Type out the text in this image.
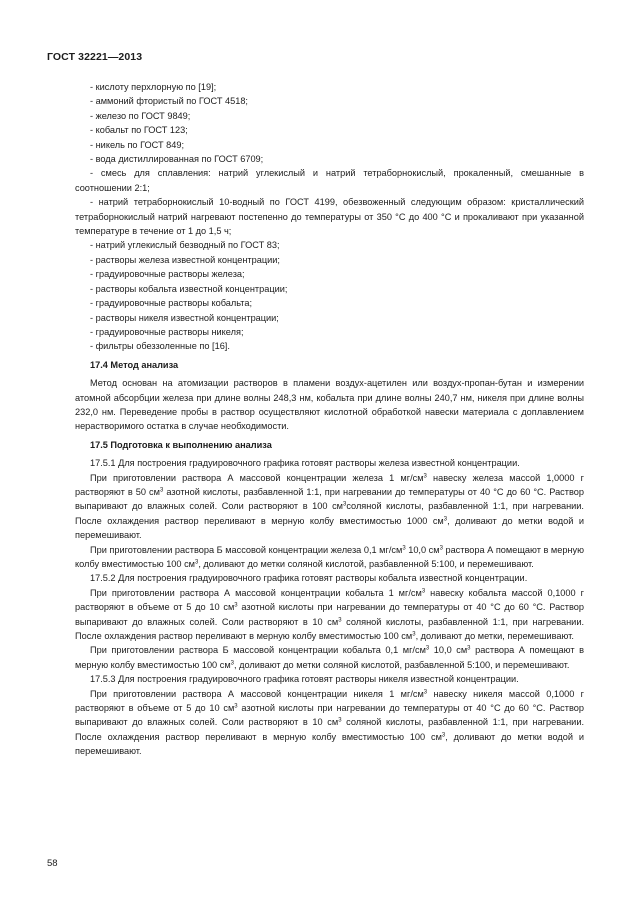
ГОСТ 32221—2013

- кислоту перхлорную по [19];

- аммоний фтористый по ГОСТ 4518;

- железо по ГОСТ 9849;

- кобальт по ГОСТ 123;

- никель по ГОСТ 849;

- вода дистиллированная по ГОСТ 6709;

- смесь для сплавления: натрий углекислый и натрий тетраборнокислый, прокаленный, смешанные в соотношении 2:1;

- натрий тетраборнокислый 10-водный по ГОСТ 4199, обезвоженный следующим образом: кристаллический тетраборнокислый натрий нагревают постепенно до температуры от 350 °С до 400 °С и прокаливают при указанной температуре в течение от 1 до 1,5 ч;

- натрий углекислый безводный по ГОСТ 83;

- растворы железа известной концентрации;

- градуировочные растворы железа;

- растворы кобальта известной концентрации;

- градуировочные растворы кобальта;

- растворы никеля известной концентрации;

- градуировочные растворы никеля;

- фильтры обеззоленные по [16].

17.4 Метод анализа

Метод основан на атомизации растворов в пламени воздух-ацетилен или воздух-пропан-бутан и измерении атомной абсорбции железа при длине волны 248,3 нм, кобальта при длине волны 240,7 нм, никеля при длине волны 232,0 нм. Переведение пробы в раствор осуществляют кислотной обработкой навески материала с доплавлением нерастворимого остатка в случае необходимости.

17.5 Подготовка к выполнению анализа

17.5.1 Для построения градуировочного графика готовят растворы железа известной концентрации.

При приготовлении раствора А массовой концентрации железа 1 $мг/см^3$ навеску железа массой 1,0000 г растворяют в 50 $см^3$ азотной кислоты, разбавленной 1:1, при нагревании до температуры от 40 °С до 60 °С. Раствор выпаривают до влажных солей. Соли растворяют в 100 $см^3соляной$ кислоты, разбавленной 1:1, при нагревании. После охлаждения раствор переливают в мерную колбу вместимостью 1000 $см^3$, доливают до метки водой и перемешивают.

При приготовлении раствора Б массовой концентрации железа 0,1 $мг/см^3$ 10,0 $см^3$ раствора А помещают в мерную колбу вместимостью 100 $см^3$, доливают до метки соляной кислотой, разбавленной 5:100, и перемешивают.

17.5.2 Для построения градуировочного графика готовят растворы кобальта известной концентрации.

При приготовлении раствора А массовой концентрации кобальта 1 $мг/см^3$ навеску кобальта массой 0,1000 г растворяют в объеме от 5 до 10 $см^3$ азотной кислоты при нагревании до температуры от 40 °С до 60 °С. Раствор выпаривают до влажных солей. Соли растворяют в 10 $см^3$ соляной кислоты, разбавленной 1:1, при нагревании. После охлаждения раствор переливают в мерную колбу вместимостью 100 $см^3$, доливают до метки, перемешивают.

При приготовлении раствора Б массовой концентрации кобальта 0,1 $мг/см^3$ 10,0 $см^3$ раствора А помещают в мерную колбу вместимостью 100 $см^3$, доливают до метки соляной кислотой, разбавленной 5:100, и перемешивают.

17.5.3 Для построения градуировочного графика готовят растворы никеля известной концентрации.

При приготовлении раствора А массовой концентрации никеля 1 $мг/см^3$ навеску никеля массой 0,1000 г растворяют в объеме от 5 до 10 $см^3$ азотной кислоты при нагревании до температуры от 40 °С до 60 °С. Раствор выпаривают до влажных солей. Соли растворяют в 10 $см^3$ соляной кислоты, разбавленной 1:1, при нагревании. После охлаждения раствор переливают в мерную колбу вместимостью 100 $см^3$, доливают до метки водой и перемешивают.

58
